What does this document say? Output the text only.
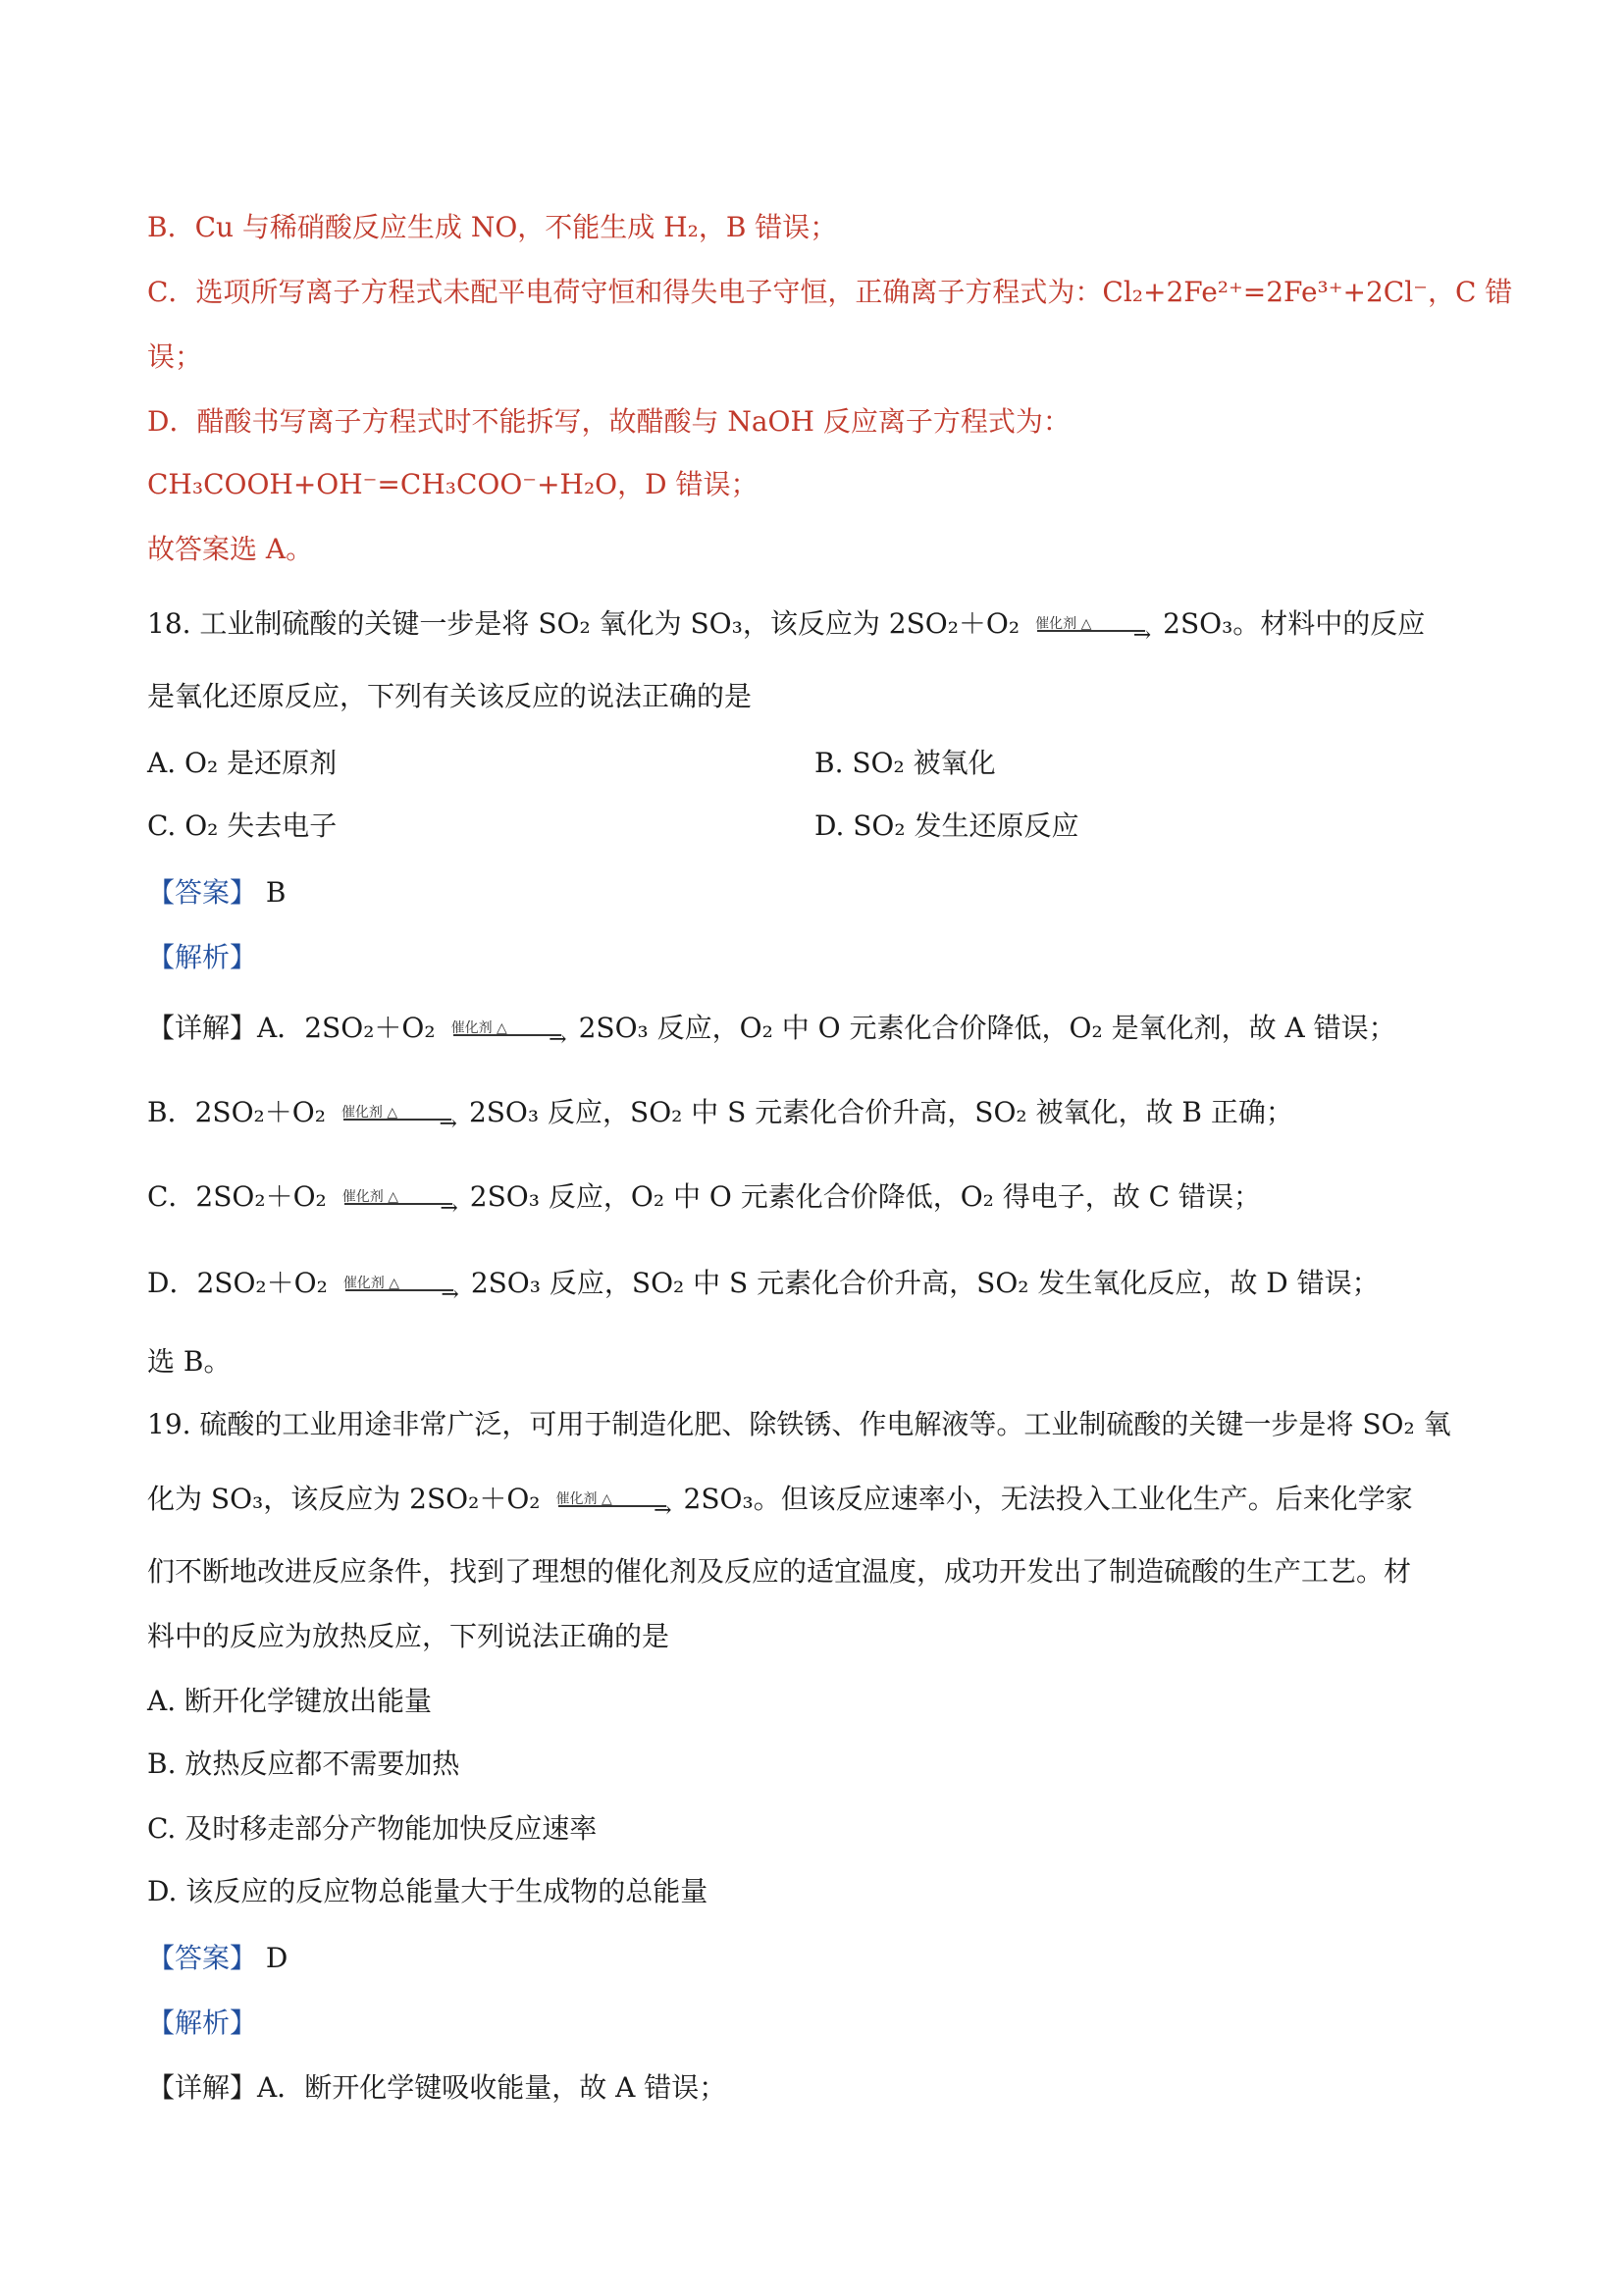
B．Cu 与稀硝酸反应生成 NO，不能生成 H₂，B 错误；
C．选项所写离子方程式未配平电荷守恒和得失电子守恒，正确离子方程式为：Cl₂+2Fe²⁺=2Fe³⁺+2Cl⁻，C 错
误；
D．醋酸书写离子方程式时不能拆写，故醋酸与 NaOH 反应离子方程式为：
CH₃COOH+OH⁻=CH₃COO⁻+H₂O，D 错误；
故答案选 A。
18. 工业制硫酸的关键一步是将 SO₂ 氧化为 SO₃，该反应为 2SO₂＋O₂ 催化剂 △ → 2SO₃。材料中的反应
是氧化还原反应，下列有关该反应的说法正确的是
A. O₂ 是还原剂	B. SO₂ 被氧化
C. O₂ 失去电子	D. SO₂ 发生还原反应
【答案】 B
【解析】
【详解】A．2SO₂＋O₂ 催化剂 △ → 2SO₃ 反应，O₂ 中 O 元素化合价降低，O₂ 是氧化剂，故 A 错误；
B．2SO₂＋O₂ 催化剂 △ → 2SO₃ 反应，SO₂ 中 S 元素化合价升高，SO₂ 被氧化，故 B 正确；
C．2SO₂＋O₂ 催化剂 △ → 2SO₃ 反应，O₂ 中 O 元素化合价降低，O₂ 得电子，故 C 错误；
D．2SO₂＋O₂ 催化剂 △ → 2SO₃ 反应，SO₂ 中 S 元素化合价升高，SO₂ 发生氧化反应，故 D 错误；
选 B。
19. 硫酸的工业用途非常广泛，可用于制造化肥、除铁锈、作电解液等。工业制硫酸的关键一步是将 SO₂ 氧
化为 SO₃，该反应为 2SO₂＋O₂ 催化剂 △ → 2SO₃。但该反应速率小，无法投入工业化生产。后来化学家
们不断地改进反应条件，找到了理想的催化剂及反应的适宜温度，成功开发出了制造硫酸的生产工艺。材
料中的反应为放热反应，下列说法正确的是
A. 断开化学键放出能量
B. 放热反应都不需要加热
C. 及时移走部分产物能加快反应速率
D. 该反应的反应物总能量大于生成物的总能量
【答案】 D
【解析】
【详解】A．断开化学键吸收能量，故 A 错误；
